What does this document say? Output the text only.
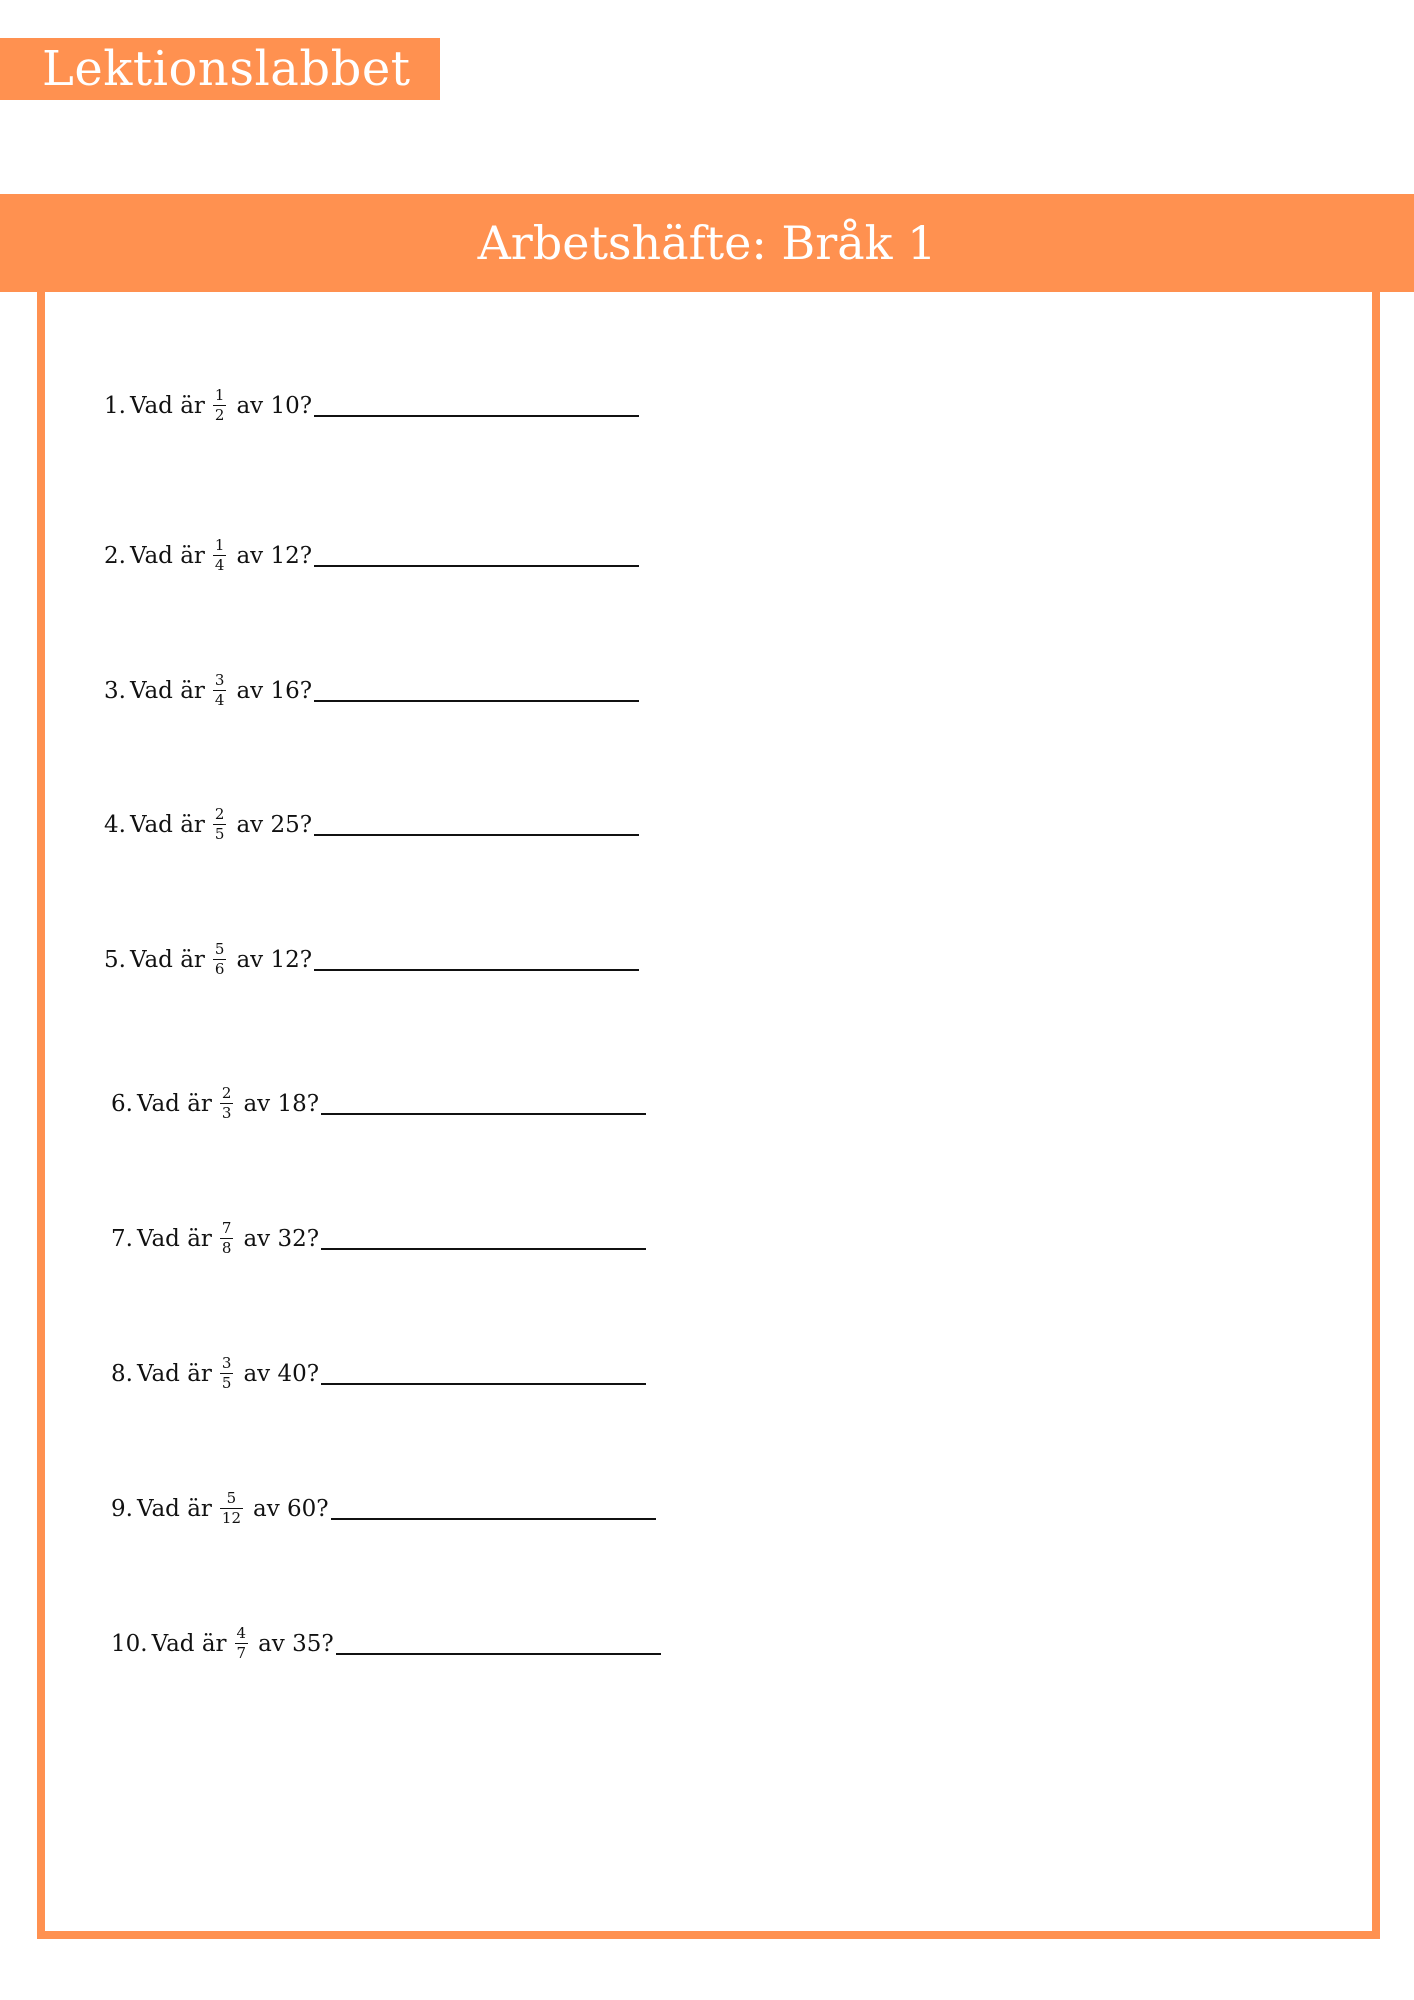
Lektionslabbet
Arbetshäfte: Bråk 1
1. Vad är $\frac{1}{2}$ av 10?
2. Vad är $\frac{1}{4}$ av 12?
3. Vad är $\frac{3}{4}$ av 16?
4. Vad är $\frac{2}{5}$ av 25?
5. Vad är $\frac{5}{6}$ av 12?
6. Vad är $\frac{2}{3}$ av 18?
7. Vad är $\frac{7}{8}$ av 32?
8. Vad är $\frac{3}{5}$ av 40?
9. Vad är $\frac{5}{12}$ av 60?
10. Vad är $\frac{4}{7}$ av 35?
